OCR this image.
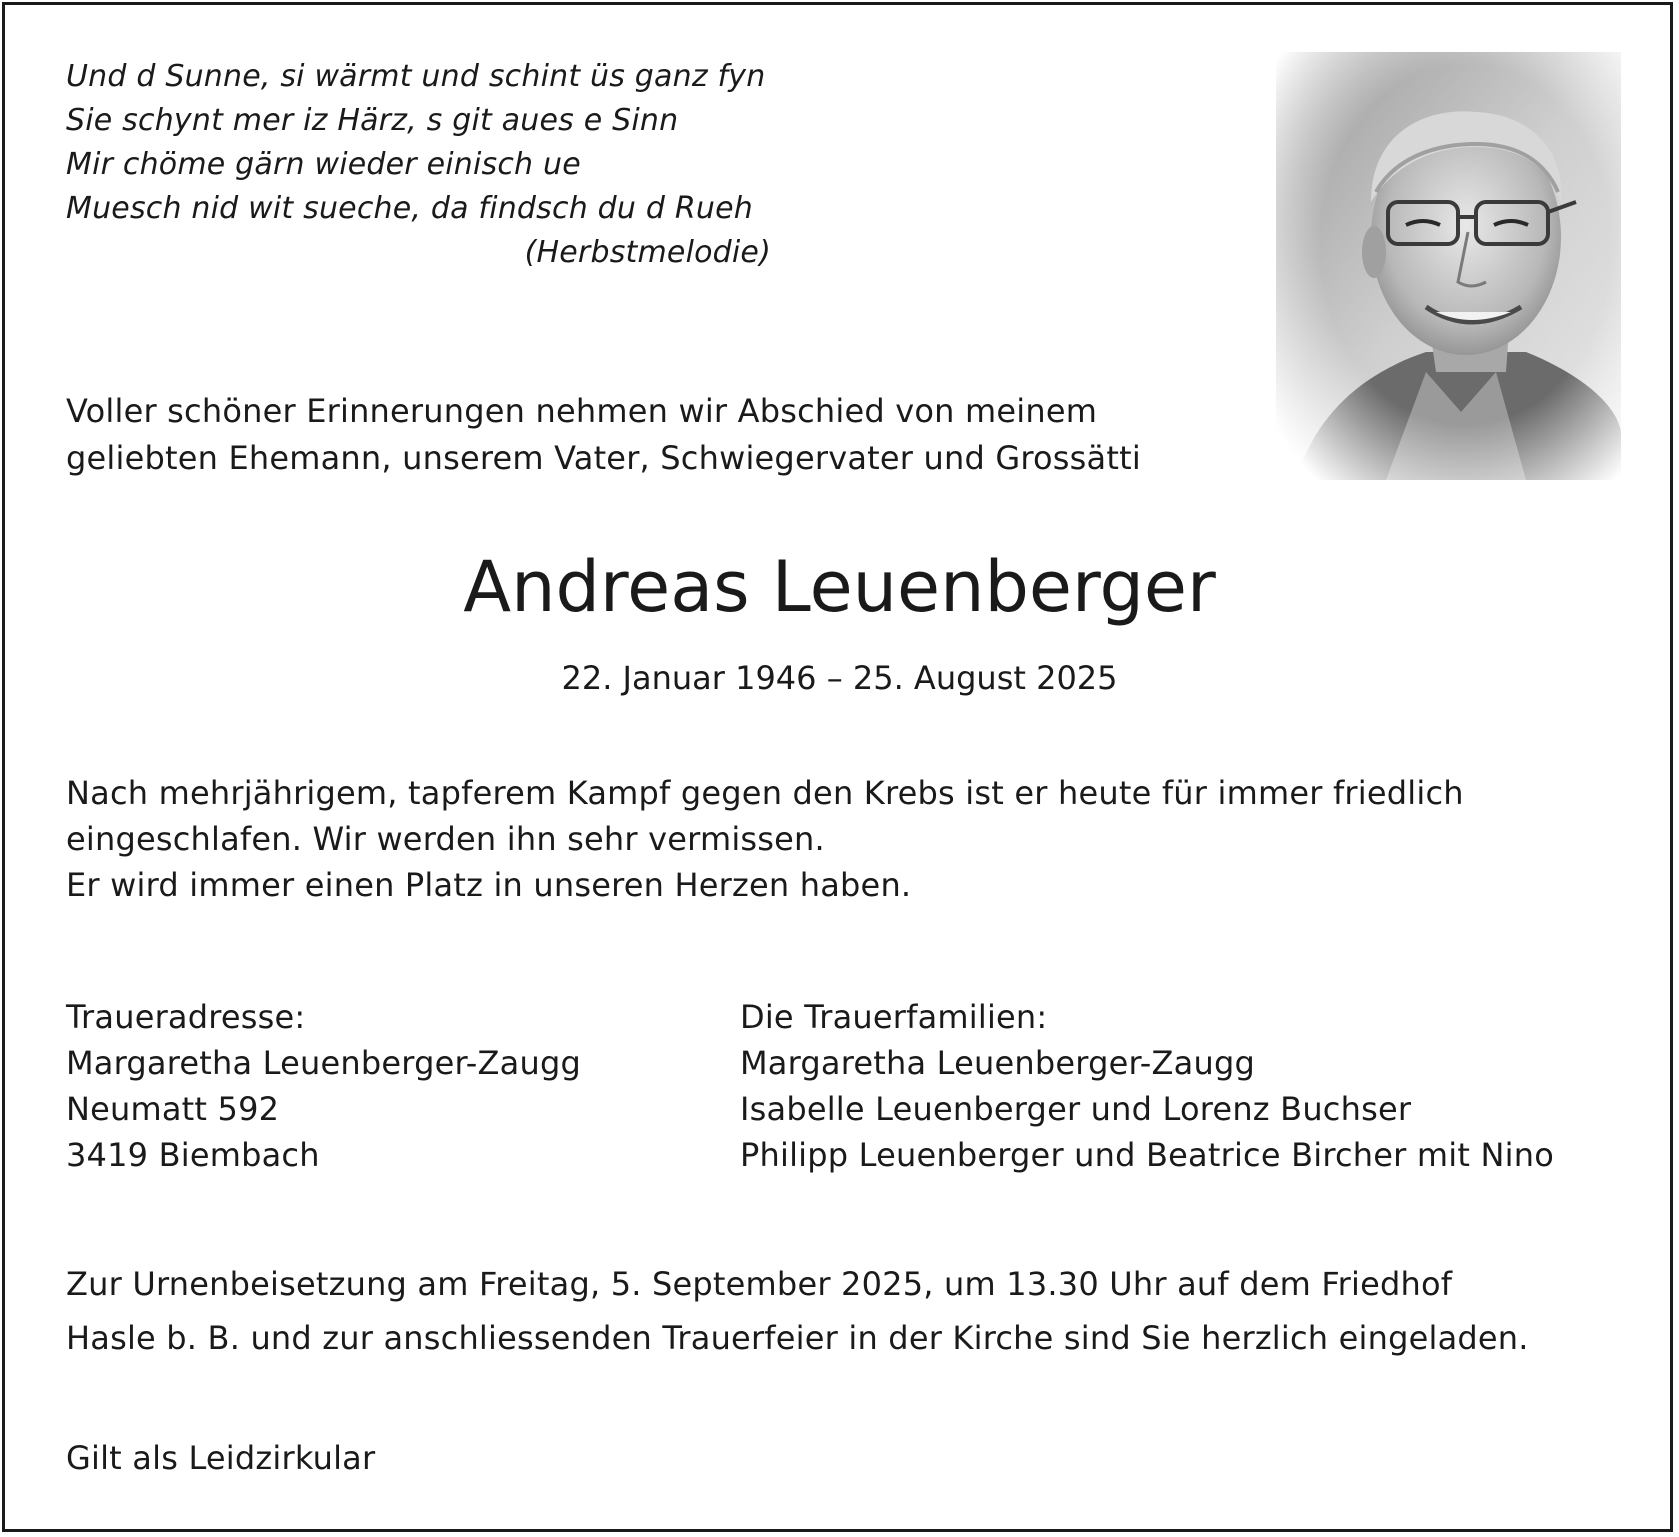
Und d Sunne, si wärmt und schint üs ganz fyn
Sie schynt mer iz Härz, s git aues e Sinn
Mir chöme gärn wieder einisch ue
Muesch nid wit sueche, da findsch du d Rueh
(Herbstmelodie)
Voller schöner Erinnerungen nehmen wir Abschied von meinem
geliebten Ehemann, unserem Vater, Schwiegervater und Grossätti
Andreas Leuenberger
22. Januar 1946 – 25. August 2025
Nach mehrjährigem, tapferem Kampf gegen den Krebs ist er heute für immer friedlich
eingeschlafen. Wir werden ihn sehr vermissen.
Er wird immer einen Platz in unseren Herzen haben.
Traueradresse:
Margaretha Leuenberger-Zaugg
Neumatt 592
3419 Biembach
Die Trauerfamilien:
Margaretha Leuenberger-Zaugg
Isabelle Leuenberger und Lorenz Buchser
Philipp Leuenberger und Beatrice Bircher mit Nino
Zur Urnenbeisetzung am Freitag, 5. September 2025, um 13.30 Uhr auf dem Friedhof
Hasle b. B. und zur anschliessenden Trauerfeier in der Kirche sind Sie herzlich eingeladen.
Gilt als Leidzirkular
